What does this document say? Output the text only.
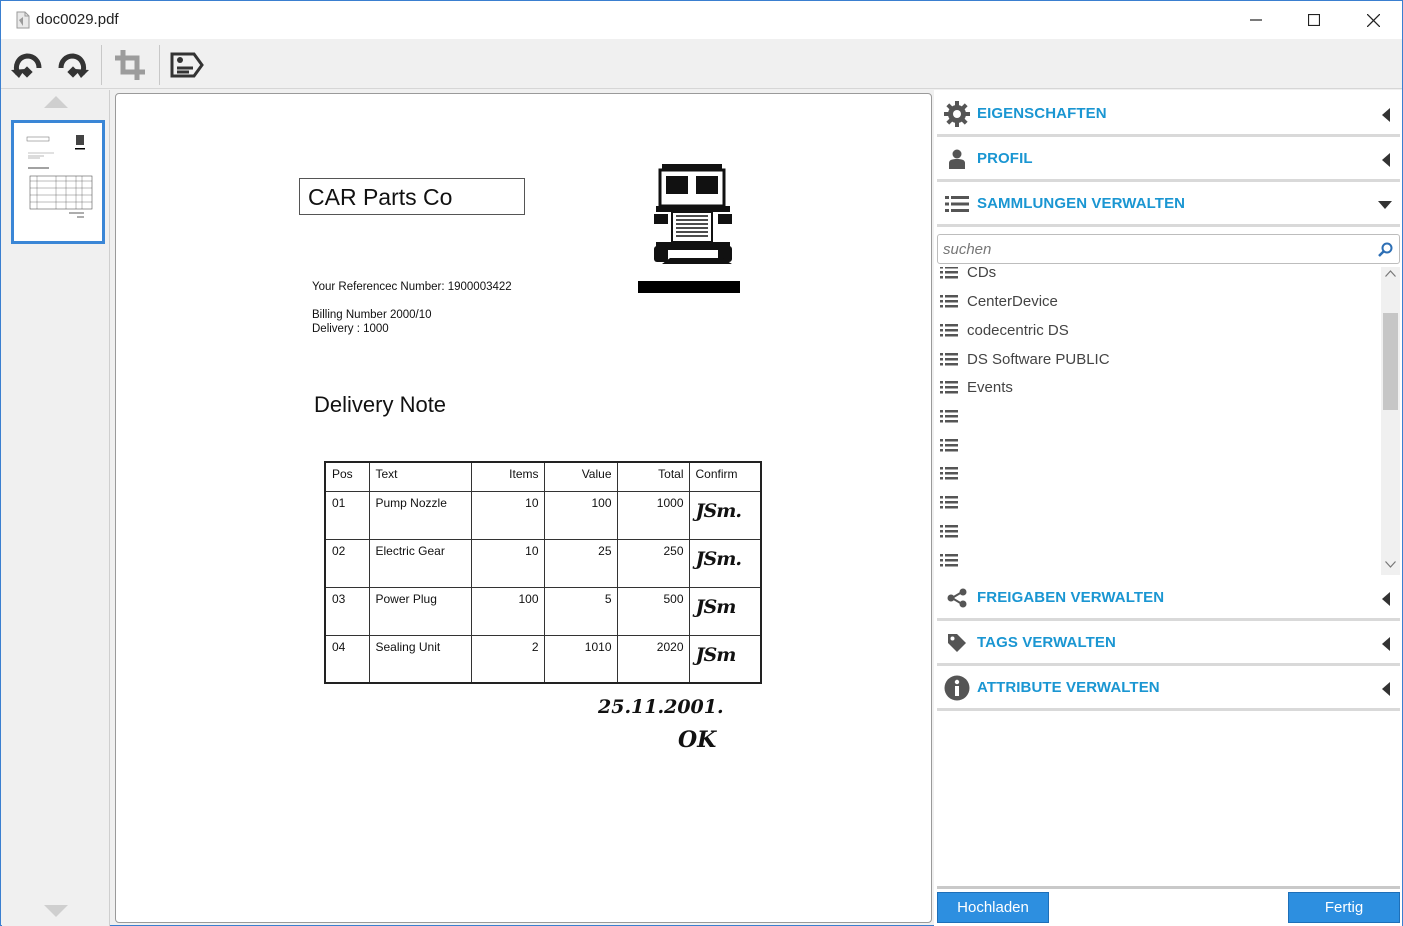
doc0029.pdf
CAR Parts Co
Your Referencec Number: 1900003422
Billing Number 2000/10
Delivery : 1000
Delivery Note
Pos	Text	Items	Value	Total	Confirm
01	Pump Nozzle	10	100	1000	JSm.

02	Electric Gear	10	25	250	JSm.

03	Power Plug	100	5	500	JSm

04	Sealing Unit	2	1010	2020	JSm
25.11.2001.
OK
EIGENSCHAFTEN
PROFIL
SAMMLUNGEN VERWALTEN
suchen
CDs
CenterDevice
codecentric DS
DS Software PUBLIC
Events
FREIGABEN VERWALTEN
TAGS VERWALTEN
ATTRIBUTE VERWALTEN
Hochladen	Fertig
